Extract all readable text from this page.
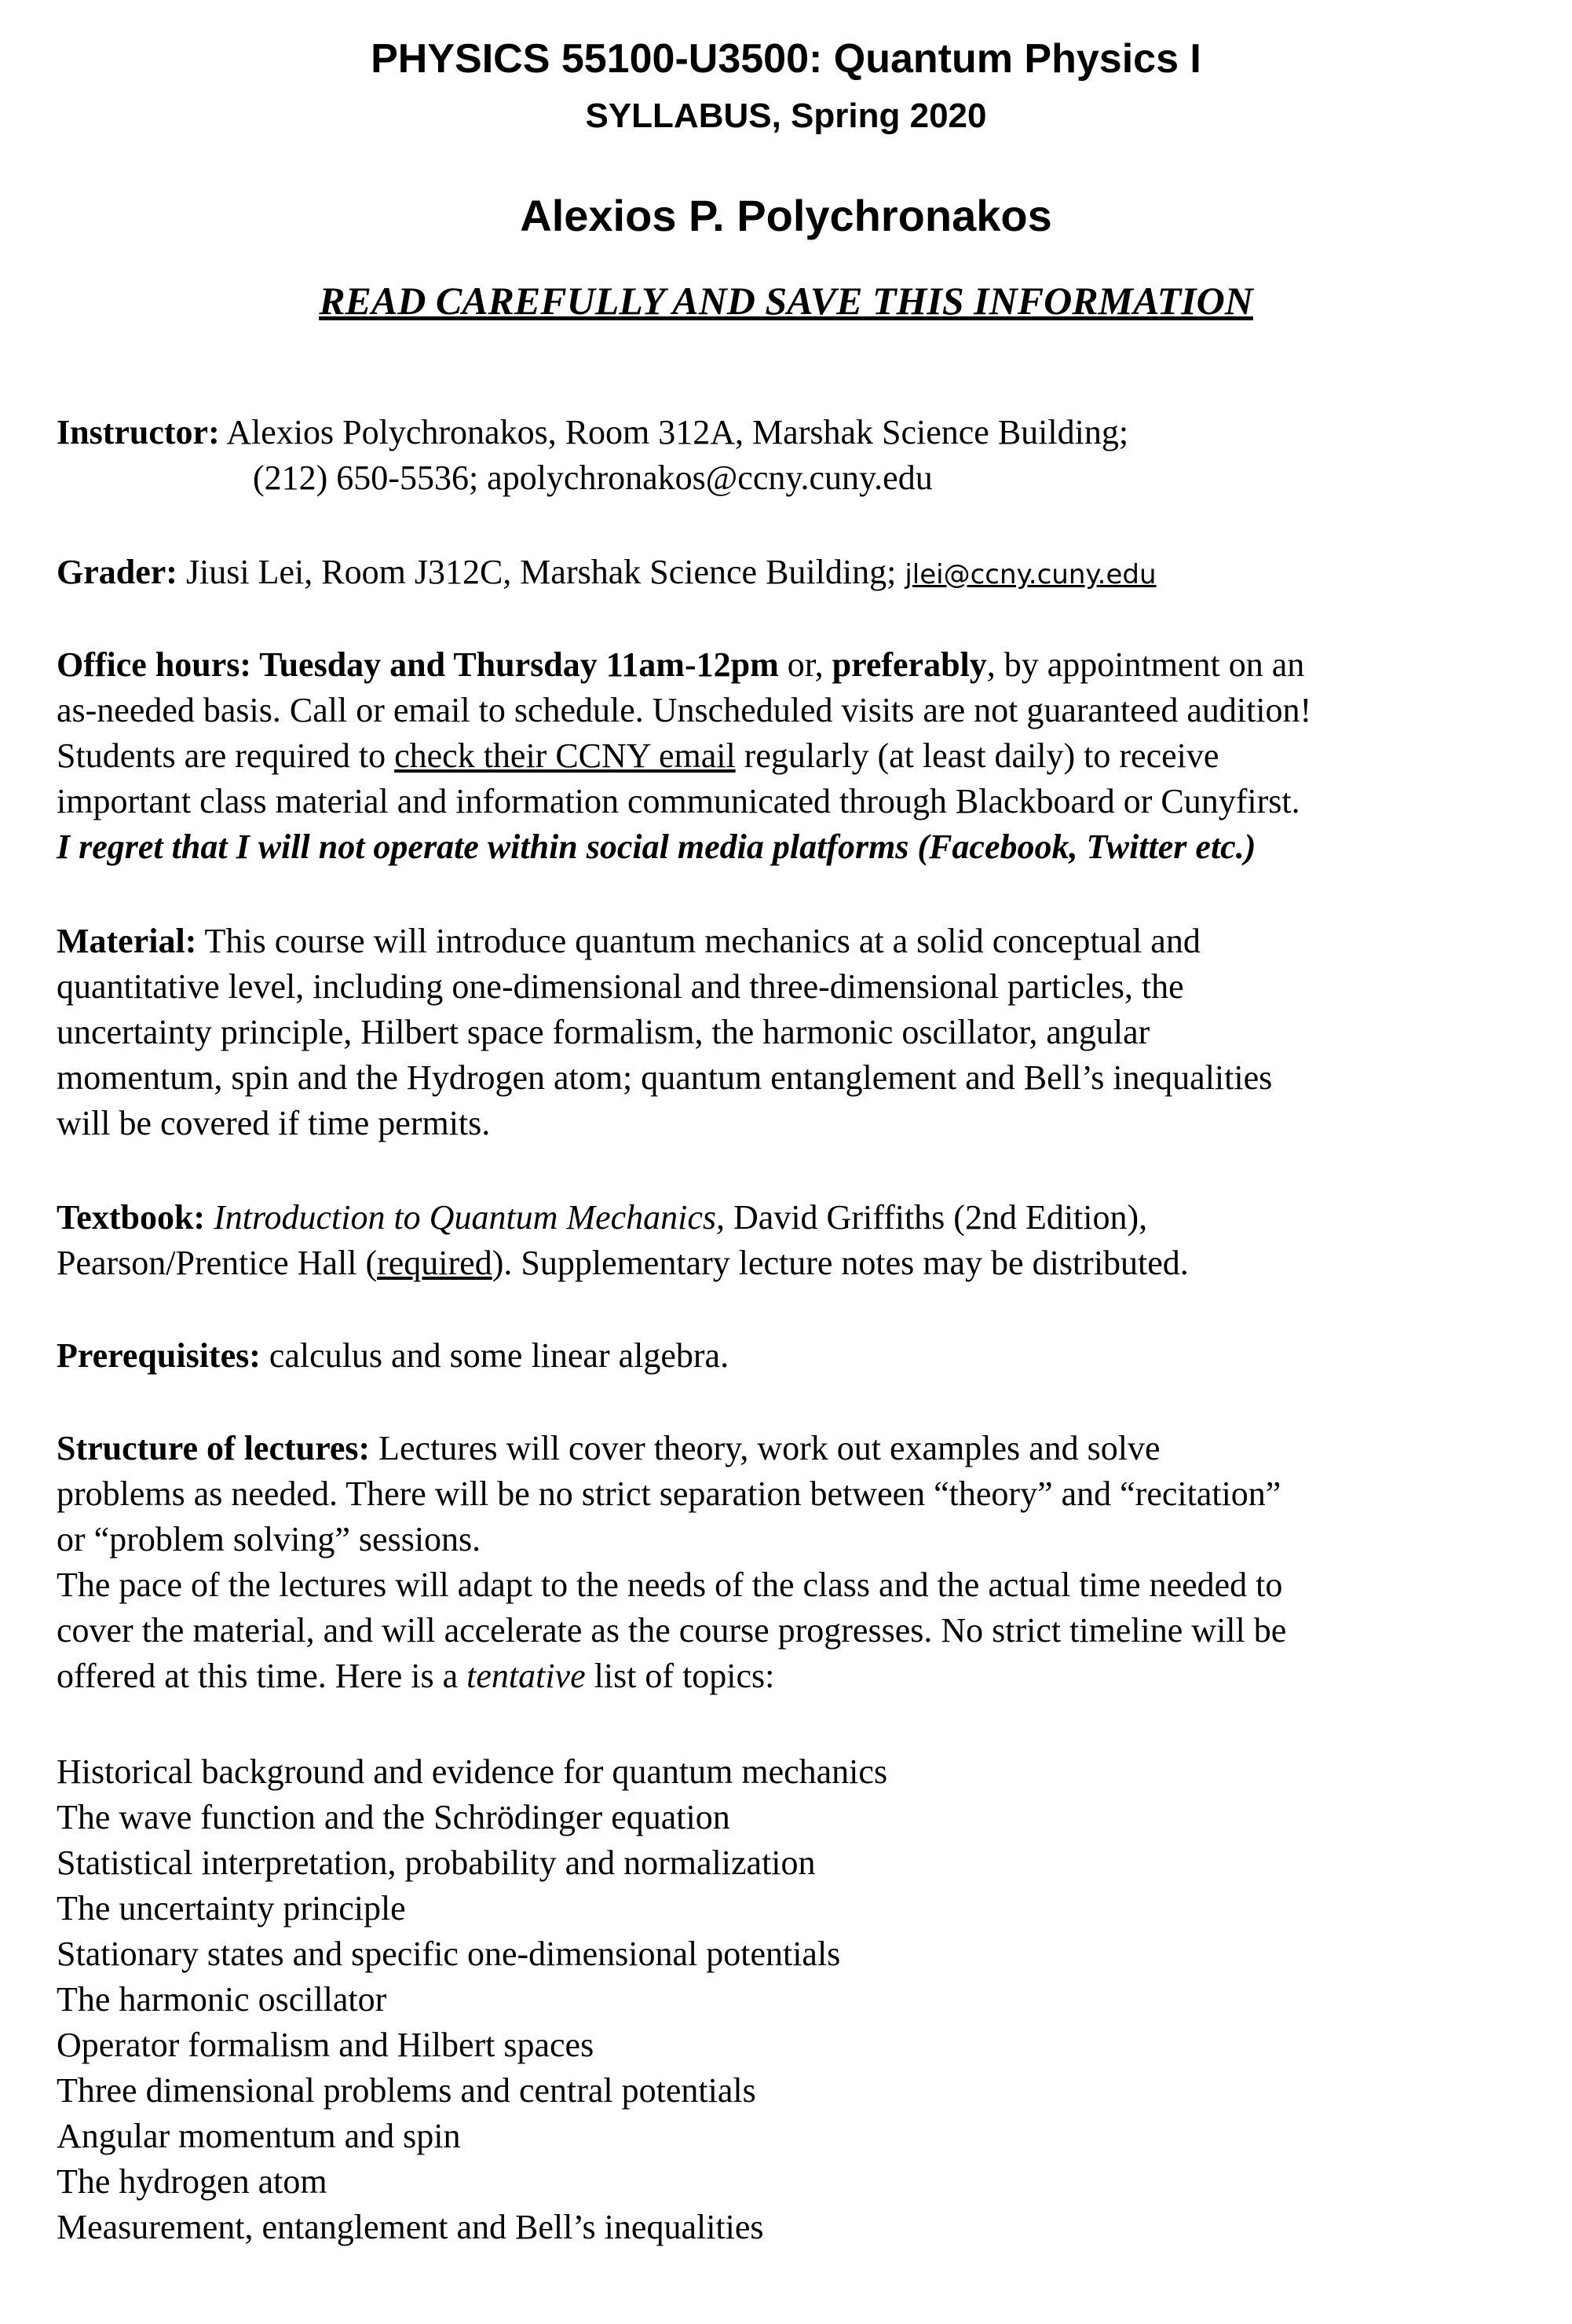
PHYSICS 55100-U3500: Quantum Physics I
SYLLABUS, Spring 2020
Alexios P. Polychronakos
READ CAREFULLY AND SAVE THIS INFORMATION
Instructor: Alexios Polychronakos, Room 312A, Marshak Science Building;
(212) 650-5536; apolychronakos@ccny.cuny.edu
Grader: Jiusi Lei, Room J312C, Marshak Science Building; jlei@ccny.cuny.edu
Office hours: Tuesday and Thursday 11am-12pm or, preferably, by appointment on an
as-needed basis. Call or email to schedule. Unscheduled visits are not guaranteed audition!
Students are required to check their CCNY email regularly (at least daily) to receive
important class material and information communicated through Blackboard or Cunyfirst.
I regret that I will not operate within social media platforms (Facebook, Twitter etc.)
Material: This course will introduce quantum mechanics at a solid conceptual and
quantitative level, including one-dimensional and three-dimensional particles, the
uncertainty principle, Hilbert space formalism, the harmonic oscillator, angular
momentum, spin and the Hydrogen atom; quantum entanglement and Bell’s inequalities
will be covered if time permits.
Textbook: Introduction to Quantum Mechanics, David Griffiths (2nd Edition),
Pearson/Prentice Hall (required). Supplementary lecture notes may be distributed.
Prerequisites: calculus and some linear algebra.
Structure of lectures: Lectures will cover theory, work out examples and solve
problems as needed. There will be no strict separation between “theory” and “recitation”
or “problem solving” sessions.
The pace of the lectures will adapt to the needs of the class and the actual time needed to
cover the material, and will accelerate as the course progresses. No strict timeline will be
offered at this time. Here is a tentative list of topics:
Historical background and evidence for quantum mechanics
The wave function and the Schrödinger equation
Statistical interpretation, probability and normalization
The uncertainty principle
Stationary states and specific one-dimensional potentials
The harmonic oscillator
Operator formalism and Hilbert spaces
Three dimensional problems and central potentials
Angular momentum and spin
The hydrogen atom
Measurement, entanglement and Bell’s inequalities
